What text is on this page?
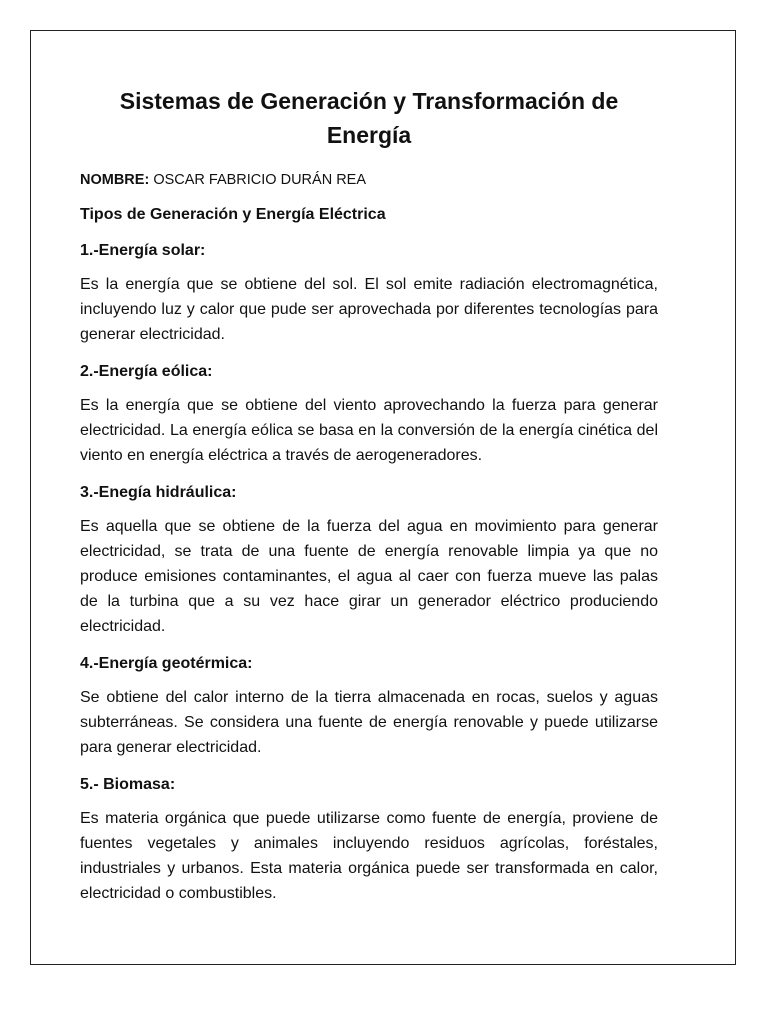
Sistemas de Generación y Transformación de Energía

NOMBRE: OSCAR FABRICIO DURÁN REA

Tipos de Generación y Energía Eléctrica
1.-Energía solar:

Es la energía que se obtiene del sol. El sol emite radiación electromagnética, incluyendo luz y calor que pude ser aprovechada por diferentes tecnologías para generar electricidad.

2.-Energía eólica:

Es la energía que se obtiene del viento aprovechando la fuerza para generar electricidad. La energía eólica se basa en la conversión de la energía cinética del viento en energía eléctrica a través de aerogeneradores.

3.-Enegía hidráulica:

Es aquella que se obtiene de la fuerza del agua en movimiento para generar electricidad, se trata de una fuente de energía renovable limpia ya que no produce emisiones contaminantes, el agua al caer con fuerza mueve las palas de la turbina que a su vez hace girar un generador eléctrico produciendo electricidad.

4.-Energía geotérmica:

Se obtiene del calor interno de la tierra almacenada en rocas, suelos y aguas subterráneas. Se considera una fuente de energía renovable y puede utilizarse para generar electricidad.

5.- Biomasa:

Es materia orgánica que puede utilizarse como fuente de energía, proviene de fuentes vegetales y animales incluyendo residuos agrícolas, foréstales, industriales y urbanos. Esta materia orgánica puede ser transformada en calor, electricidad o combustibles.
